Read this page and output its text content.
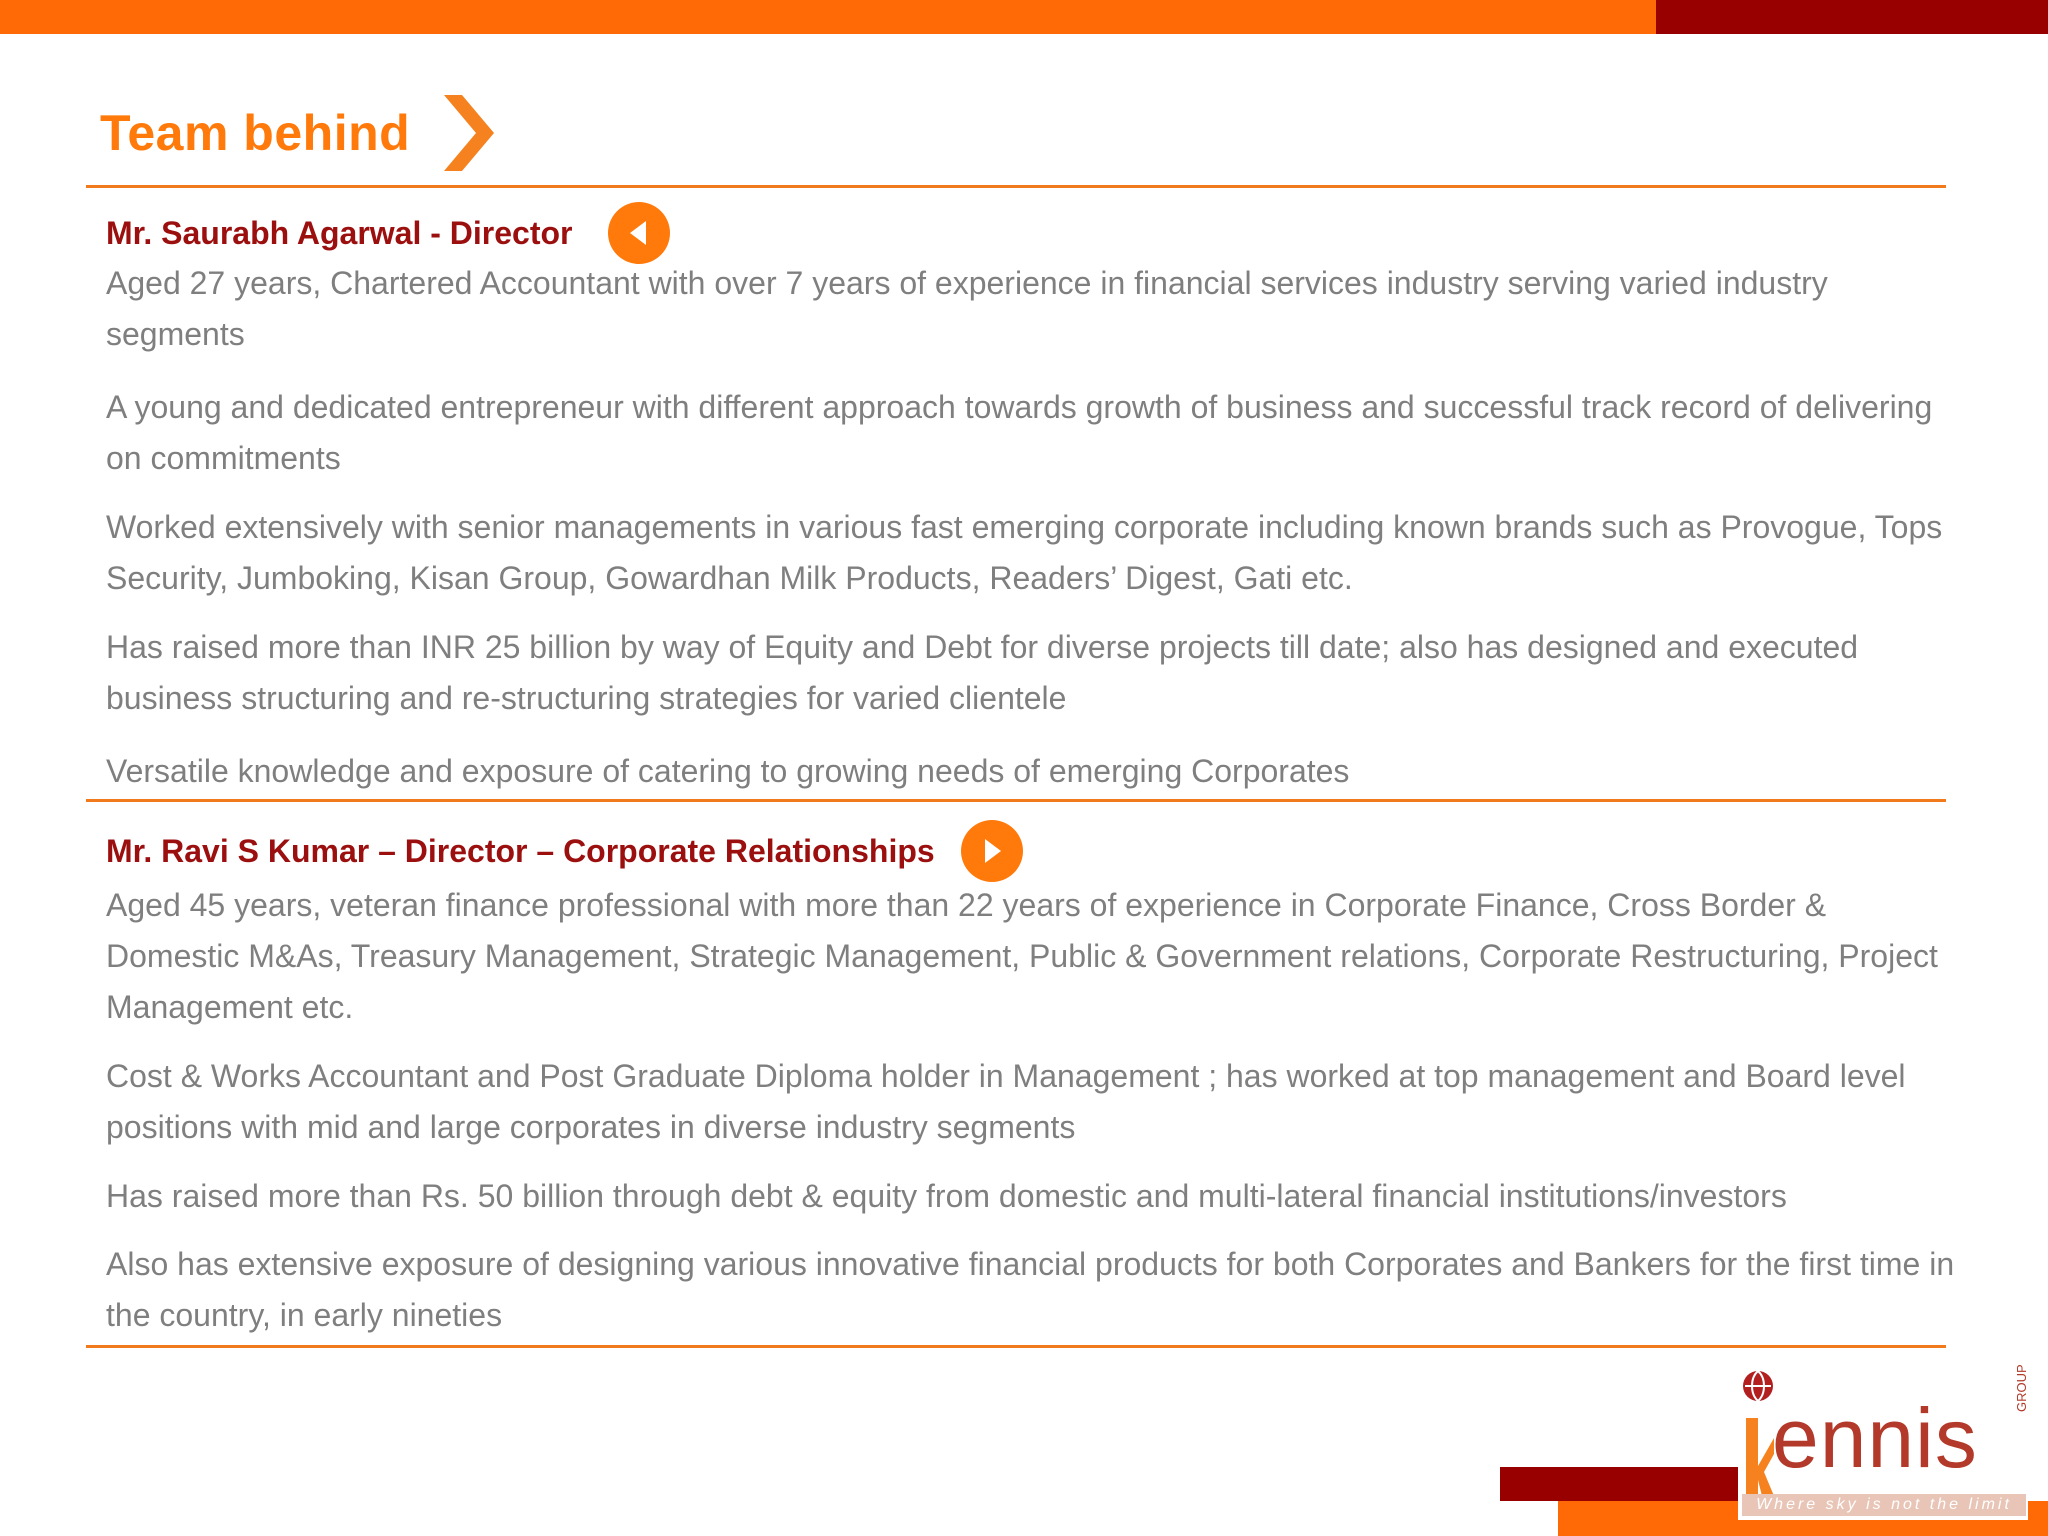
Team behind
Mr. Saurabh Agarwal - Director

Aged 27 years, Chartered Accountant with over 7 years of experience in financial services industry serving varied industry segments

A young and dedicated entrepreneur with different approach towards growth of business and successful track record of delivering on commitments

Worked extensively with senior managements in various fast emerging corporate including known brands such as Provogue, Tops Security, Jumboking, Kisan Group, Gowardhan Milk Products, Readers’ Digest, Gati etc.

Has raised more than INR 25 billion by way of Equity and Debt for diverse projects till date; also has designed and executed business structuring and re-structuring strategies for varied clientele

Versatile knowledge and exposure of catering to growing needs of emerging Corporates

Mr. Ravi S Kumar – Director – Corporate Relationships

Aged 45 years, veteran finance professional with more than 22 years of experience in Corporate Finance, Cross Border & Domestic M&As, Treasury Management, Strategic Management, Public & Government relations, Corporate Restructuring, Project Management etc.

Cost & Works Accountant and Post Graduate Diploma holder in Management ; has worked at top management and Board level positions with mid and large corporates in diverse industry segments

Has raised more than Rs. 50 billion through debt & equity from domestic and multi-lateral financial institutions/investors

Also has extensive exposure of designing various innovative financial products for both Corporates and Bankers for the first time in the country, in early nineties

ennis
GROUP
Where sky is not the limit
